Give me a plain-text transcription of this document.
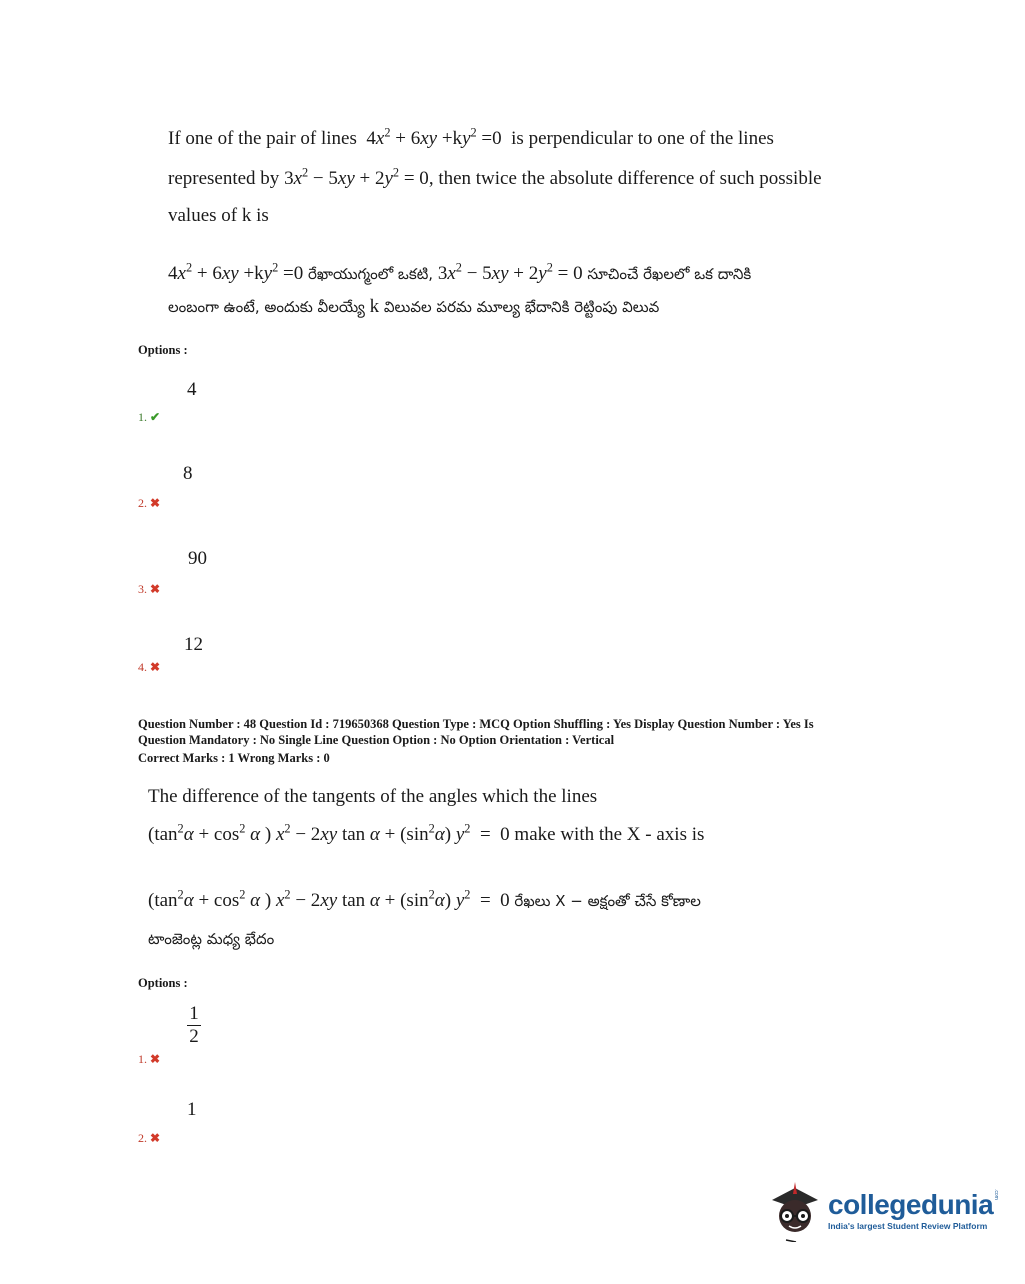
If one of the pair of lines $4x^2 + 6xy +ky^2 =0$ is perpendicular to one of the lines
represented by $3x^2 - 5xy + 2y^2 = 0$, then twice the absolute difference of such possible
values of k is
$4x^2 + 6xy +ky^2 =0$ రేఖాయుగ్మంలో ఒకటి, $3x^2 - 5xy + 2y^2 = 0$ సూచించే రేఖలలో ఒక దానికి
లంబంగా ఉంటే, అందుకు వీలయ్యే k విలువల పరమ మూల్య భేదానికి రెట్టింపు విలువ
Options :
4
1. ✔
8
2. ✖
90
3. ✖
12
4. ✖
Question Number : 48 Question Id : 719650368 Question Type : MCQ Option Shuffling : Yes Display Question Number : Yes Is
Question Mandatory : No Single Line Question Option : No Option Orientation : Vertical
Correct Marks : 1 Wrong Marks : 0
The difference of the tangents of the angles which the lines
($\tan^2\alpha + \cos^2 \alpha$ ) $x^2 - 2xy$ $\tan \alpha + (\sin^2\alpha) y^2 = 0$ make with the X - axis is
($\tan^2\alpha + \cos^2 \alpha$ ) $x^2 - 2xy$ $\tan \alpha + (\sin^2\alpha) y^2 = 0$ రేఖలు X − అక్షంతో చేసే కోణాల
టాంజెంట్ల మధ్య భేదం
Options :
1
2
1. ✖
1
2. ✖
collegedunia .com
India's largest Student Review Platform
